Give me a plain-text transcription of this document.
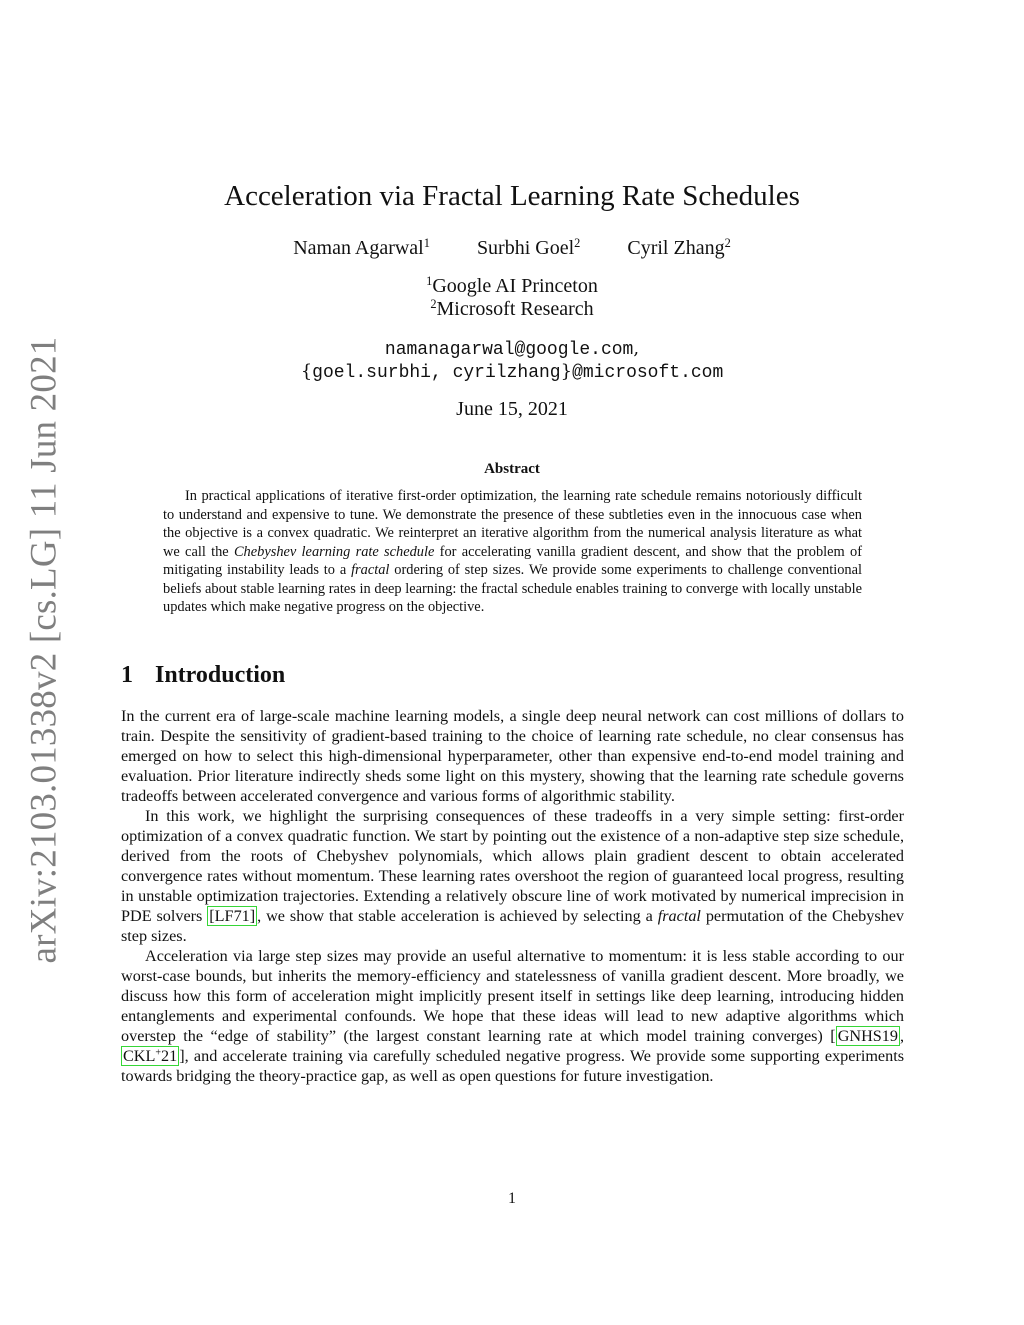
arXiv:2103.01338v2 [cs.LG] 11 Jun 2021
Acceleration via Fractal Learning Rate Schedules
Naman Agarwal$^1$ Surbhi Goel$^2$ Cyril Zhang$^2$
$^1$Google AI Princeton
$^2$Microsoft Research
namanagarwal@google.com,
{goel.surbhi, cyrilzhang}@microsoft.com
June 15, 2021
Abstract

In practical applications of iterative first-order optimization, the learning rate schedule remains notoriously difficult to understand and expensive to tune. We demonstrate the presence of these subtleties even in the innocuous case when the objective is a convex quadratic. We reinterpret an iterative algorithm from the numerical analysis literature as what we call the Chebyshev learning rate schedule for accelerating vanilla gradient descent, and show that the problem of mitigating instability leads to a fractal ordering of step sizes. We provide some experiments to challenge conventional beliefs about stable learning rates in deep learning: the fractal schedule enables training to converge with locally unstable updates which make negative progress on the objective.

1 Introduction

In the current era of large-scale machine learning models, a single deep neural network can cost millions of dollars to train. Despite the sensitivity of gradient-based training to the choice of learning rate schedule, no clear consensus has emerged on how to select this high-dimensional hyperparameter, other than expensive end-to-end model training and evaluation. Prior literature indirectly sheds some light on this mystery, showing that the learning rate schedule governs tradeoffs between accelerated convergence and various forms of algorithmic stability.

In this work, we highlight the surprising consequences of these tradeoffs in a very simple setting: first-order optimization of a convex quadratic function. We start by pointing out the existence of a non-adaptive step size schedule, derived from the roots of Chebyshev polynomials, which allows plain gradient descent to obtain accelerated convergence rates without momentum. These learning rates overshoot the region of guaranteed local progress, resulting in unstable optimization trajectories. Extending a relatively obscure line of work motivated by numerical imprecision in PDE solvers [LF71] , we show that stable acceleration is achieved by selecting a fractal permutation of the Chebyshev step sizes.

Acceleration via large step sizes may provide an useful alternative to momentum: it is less stable according to our worst-case bounds, but inherits the memory-efficiency and statelessness of vanilla gradient descent. More broadly, we discuss how this form of acceleration might implicitly present itself in settings like deep learning, introducing hidden entanglements and experimental confounds. We hope that these ideas will lead to new adaptive algorithms which overstep the “edge of stability” (the largest constant learning rate at which model training converges) [ GNHS19 , CKL+21 ], and accelerate training via carefully scheduled negative progress. We provide some supporting experiments towards bridging the theory-practice gap, as well as open questions for future investigation.

1
